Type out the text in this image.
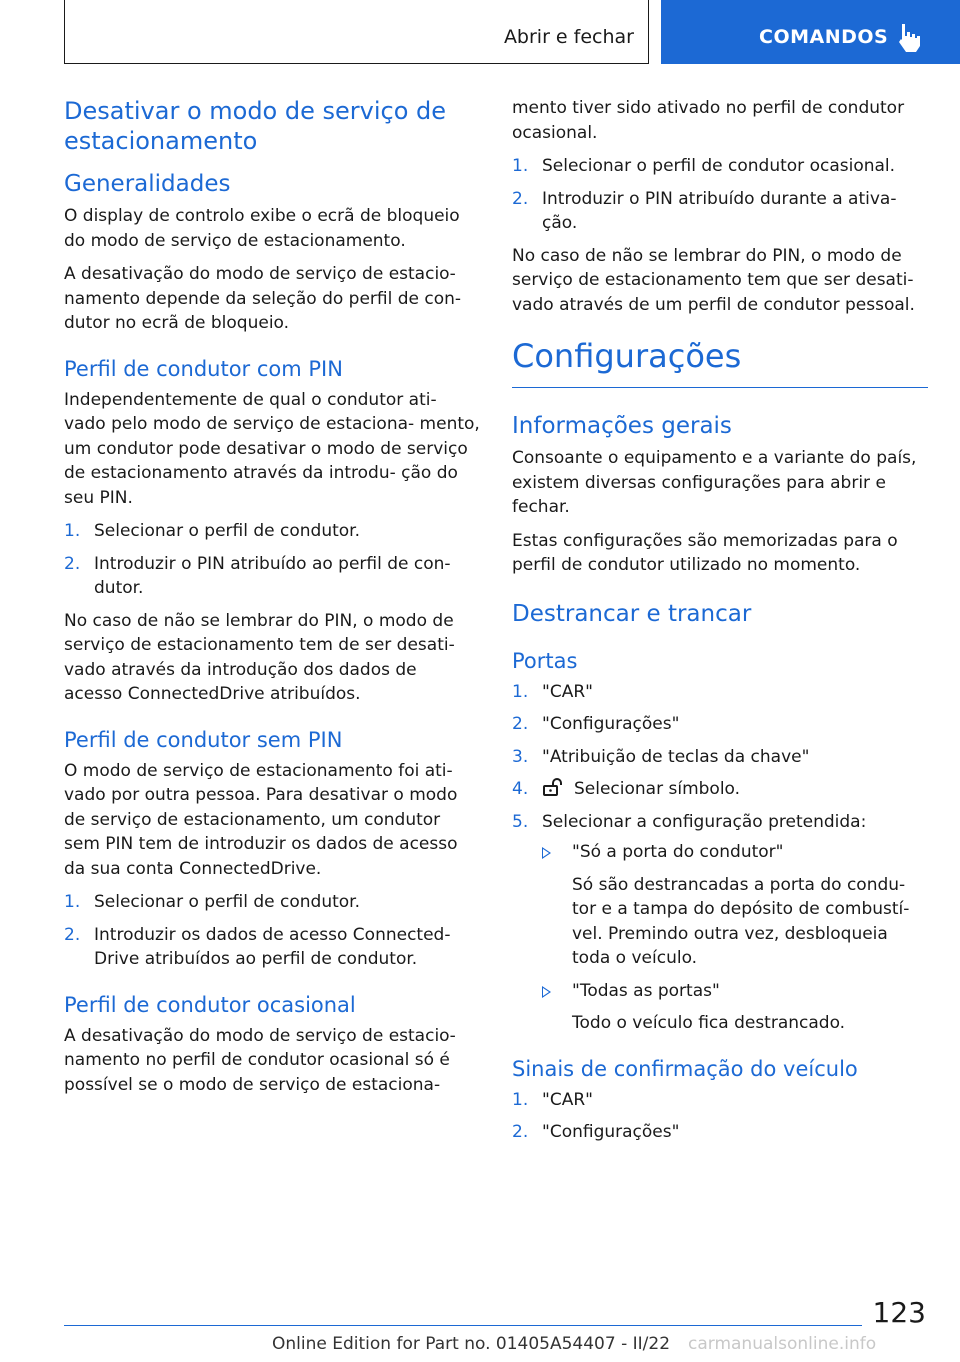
Abrir e fechar	COMANDOS
Desativar o modo de serviço de estacionamento
Generalidades

O display de controlo exibe o ecrã de bloqueio do modo de serviço de estacionamento.

A desativação do modo de serviço de estacio‐ namento depende da seleção do perfil de con‐ dutor no ecrã de bloqueio.

Perfil de condutor com PIN

Independentemente de qual o condutor ati‐ vado pelo modo de serviço de estaciona‐ mento, um condutor pode desativar o modo de serviço de estacionamento através da introdu‐ ção do seu PIN.

1. Selecionar o perfil de condutor.
2. Introduzir o PIN atribuído ao perfil de con‐ dutor.

No caso de não se lembrar do PIN, o modo de serviço de estacionamento tem de ser desati‐ vado através da introdução dos dados de acesso ConnectedDrive atribuídos.

Perfil de condutor sem PIN

O modo de serviço de estacionamento foi ati‐ vado por outra pessoa. Para desativar o modo de serviço de estacionamento, um condutor sem PIN tem de introduzir os dados de acesso da sua conta ConnectedDrive.

1. Selecionar o perfil de condutor.
2. Introduzir os dados de acesso Connected‐ Drive atribuídos ao perfil de condutor.
Perfil de condutor ocasional

A desativação do modo de serviço de estacio‐ namento no perfil de condutor ocasional só é possível se o modo de serviço de estaciona‐

mento tiver sido ativado no perfil de condutor ocasional.

1. Selecionar o perfil de condutor ocasional.
2. Introduzir o PIN atribuído durante a ativa‐ ção.

No caso de não se lembrar do PIN, o modo de serviço de estacionamento tem que ser desati‐ vado através de um perfil de condutor pessoal.

Configurações
Informações gerais

Consoante o equipamento e a variante do país, existem diversas configurações para abrir e fechar.

Estas configurações são memorizadas para o perfil de condutor utilizado no momento.

Destrancar e trancar
Portas
1. "CAR"
2. "Configurações"
3. "Atribuição de teclas da chave"
4.	Selecionar símbolo.
5. Selecionar a configuração pretendida:
"Só a porta do condutor"
Só são destrancadas a porta do condu‐ tor e a tampa do depósito de combustí‐ vel. Premindo outra vez, desbloqueia toda o veículo.
"Todas as portas"
Todo o veículo fica destrancado.
Sinais de confirmação do veículo
1. "CAR"
2. "Configurações"
123
Online Edition for Part no. 01405A54407 - II/22 carmanualsonline.info
